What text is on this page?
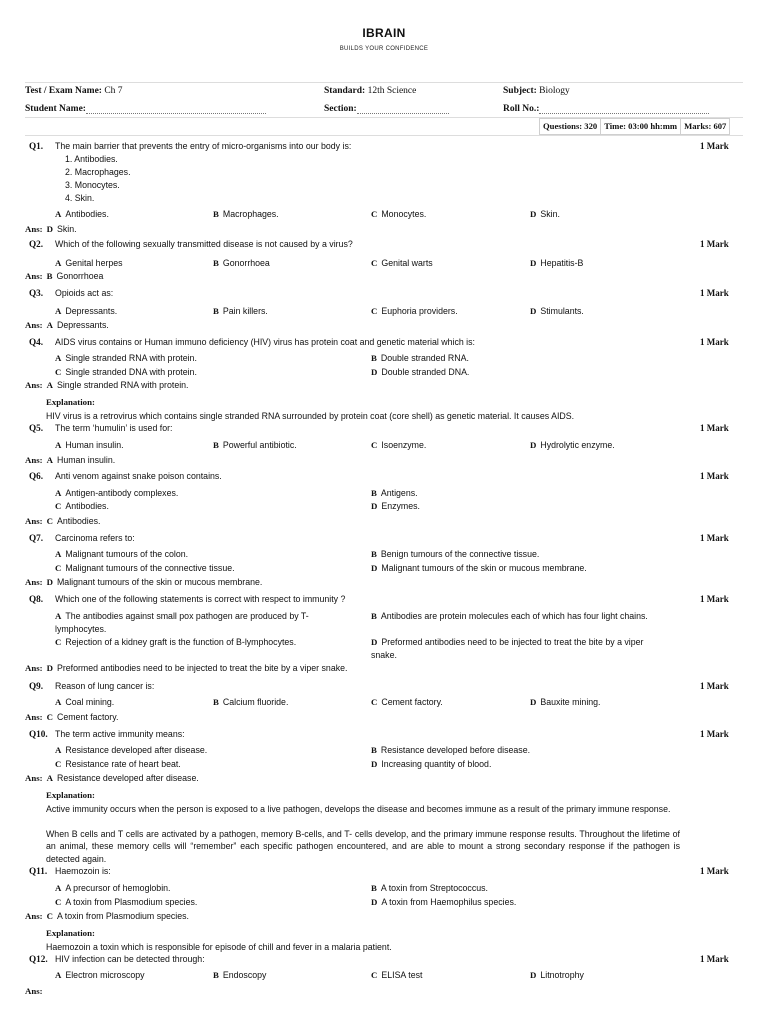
IBRAIN
BUILDS YOUR CONFIDENCE
Test / Exam Name: Ch 7	Standard: 12th Science	Subject: Biology
Student Name:	Section:	Roll No.:
Questions: 320 Time: 03:00 hh:mm Marks: 607
Q1. The main barrier that prevents the entry of micro-organisms into our body is:	1 Mark
1. Antibodies.
2. Macrophages.
3. Monocytes.
4. Skin.
A Antibodies.	B Macrophages.	C Monocytes.	D Skin.
Ans: D Skin.
Q2. Which of the following sexually transmitted disease is not caused by a virus?	1 Mark
A Genital herpes	B Gonorrhoea	C Genital warts	D Hepatitis-B
Ans: B Gonorrhoea
Q3. Opioids act as:	1 Mark
A Depressants.	B Pain killers.	C Euphoria providers.	D Stimulants.
Ans: A Depressants.
Q4. AIDS virus contains or Human immuno deficiency (HIV) virus has protein coat and genetic material which is:	1 Mark
A Single stranded RNA with protein.	B Double stranded RNA.
C Single stranded DNA with protein.	D Double stranded DNA.
Ans: A Single stranded RNA with protein.
Explanation:
HIV virus is a retrovirus which contains single stranded RNA surrounded by protein coat (core shell) as genetic material. It causes AIDS.
Q5. The term ‘humulin’ is used for:	1 Mark
A Human insulin.	B Powerful antibiotic.	C Isoenzyme.	D Hydrolytic enzyme.
Ans: A Human insulin.
Q6. Anti venom against snake poison contains.	1 Mark
A Antigen-antibody complexes.	B Antigens.
C Antibodies.	D Enzymes.
Ans: C Antibodies.
Q7. Carcinoma refers to:	1 Mark
A Malignant tumours of the colon.	B Benign tumours of the connective tissue.
C Malignant tumours of the connective tissue.	D Malignant tumours of the skin or mucous membrane.
Ans: D Malignant tumours of the skin or mucous membrane.
Q8. Which one of the following statements is correct with respect to immunity ?	1 Mark
A The antibodies against small pox pathogen are produced by T-lymphocytes.
B Antibodies are protein molecules each of which has four light chains.
C Rejection of a kidney graft is the function of B-lymphocytes.	D Preformed antibodies need to be injected to treat the bite by a viper snake.
Ans: D Preformed antibodies need to be injected to treat the bite by a viper snake.
Q9. Reason of lung cancer is:	1 Mark
A Coal mining.	B Calcium fluoride.	C Cement factory.	D Bauxite mining.
Ans: C Cement factory.
Q10. The term active immunity means:	1 Mark
A Resistance developed after disease.	B Resistance developed before disease.
C Resistance rate of heart beat.	D Increasing quantity of blood.
Ans: A Resistance developed after disease.
Explanation:
Active immunity occurs when the person is exposed to a live pathogen, develops the disease and becomes immune as a result of the primary immune response.
When B cells and T cells are activated by a pathogen, memory B-cells, and T- cells develop, and the primary immune response results. Throughout the lifetime of an animal, these memory cells will “remember” each specific pathogen encountered, and are able to mount a strong secondary response if the pathogen is detected again.
Q11. Haemozoin is:	1 Mark
A A precursor of hemoglobin.	B A toxin from Streptococcus.
C A toxin from Plasmodium species.	D A toxin from Haemophilus species.
Ans: C A toxin from Plasmodium species.
Explanation:
Haemozoin a toxin which is responsible for episode of chill and fever in a malaria patient.
Q12. HIV infection can be detected through:	1 Mark
A Electron microscopy	B Endoscopy	C ELISA test	D Litnotrophy
Ans:
